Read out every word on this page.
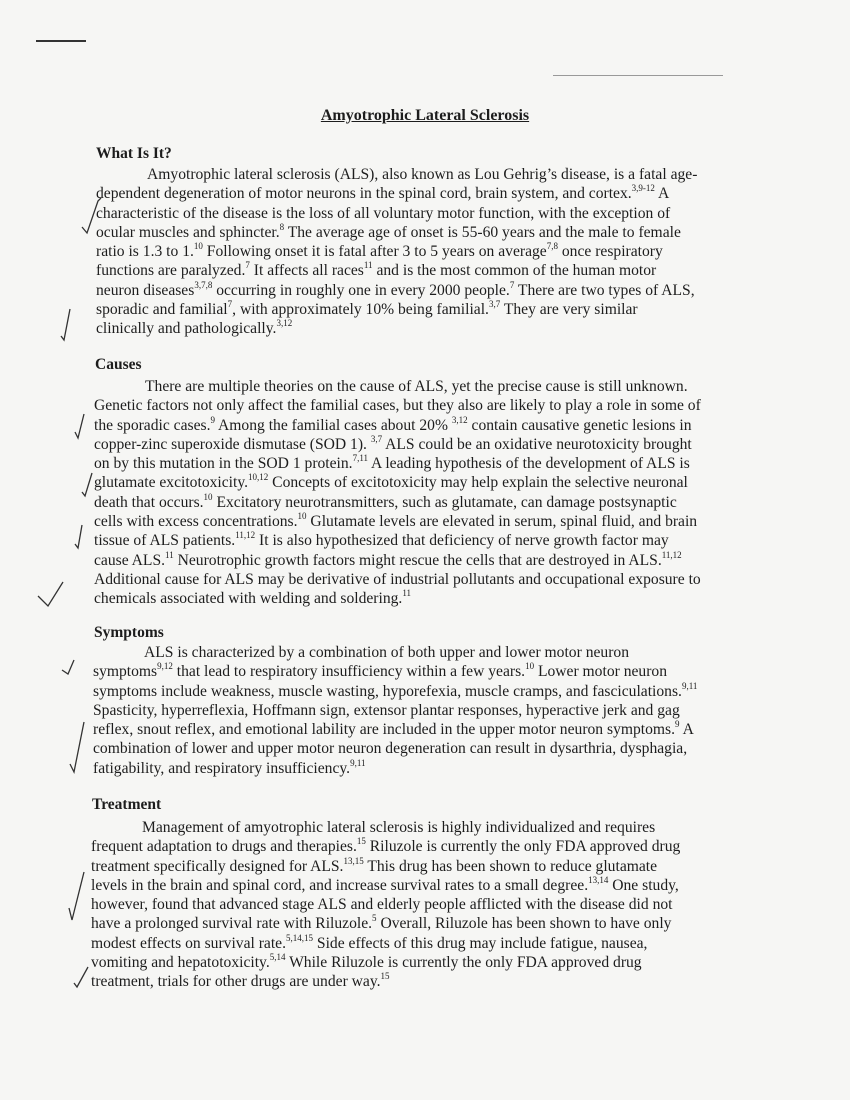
Amyotrophic Lateral Sclerosis
What Is It?
Amyotrophic lateral sclerosis (ALS), also known as Lou Gehrig’s disease, is a fatal age-
dependent degeneration of motor neurons in the spinal cord, brain system, and cortex.$^{3,9-12}$ A
characteristic of the disease is the loss of all voluntary motor function, with the exception of
ocular muscles and sphincter.$^8$ The average age of onset is 55-60 years and the male to female
ratio is 1.3 to 1.10 Following onset it is fatal after 3 to 5 years on average$^{7,8}$ once respiratory
functions are paralyzed.$^7$ It affects all races$^{11}$ and is the most common of the human motor
neuron diseases$^{3,7,8}$ occurring in roughly one in every 2000 people.$^7$ There are two types of ALS,
sporadic and familial$^7$, with approximately 10% being familial.$^{3,7}$ They are very similar
clinically and pathologically.$^{3,12}$
Causes
There are multiple theories on the cause of ALS, yet the precise cause is still unknown.
Genetic factors not only affect the familial cases, but they also are likely to play a role in some of
the sporadic cases.$^9$ Among the familial cases about 20% $^{3,12}$ contain causative genetic lesions in
copper-zinc superoxide dismutase (SOD 1). $^{3,7}$ ALS could be an oxidative neurotoxicity brought
on by this mutation in the SOD 1 protein.$^{7,11}$ A leading hypothesis of the development of ALS is
glutamate excitotoxicity.$^{10,12}$ Concepts of excitotoxicity may help explain the selective neuronal
death that occurs.$^{10}$ Excitatory neurotransmitters, such as glutamate, can damage postsynaptic
cells with excess concentrations.$^{10}$ Glutamate levels are elevated in serum, spinal fluid, and brain
tissue of ALS patients.$^{11,12}$ It is also hypothesized that deficiency of nerve growth factor may
cause ALS.$^{11}$ Neurotrophic growth factors might rescue the cells that are destroyed in ALS.$^{11,12}$
Additional cause for ALS may be derivative of industrial pollutants and occupational exposure to
chemicals associated with welding and soldering.$^{11}$
Symptoms
ALS is characterized by a combination of both upper and lower motor neuron
symptoms$^{9,12}$ that lead to respiratory insufficiency within a few years.$^{10}$ Lower motor neuron
symptoms include weakness, muscle wasting, hyporefexia, muscle cramps, and fasciculations.$^{9,11}$
Spasticity, hyperreflexia, Hoffmann sign, extensor plantar responses, hyperactive jerk and gag
reflex, snout reflex, and emotional lability are included in the upper motor neuron symptoms.$^9$ A
combination of lower and upper motor neuron degeneration can result in dysarthria, dysphagia,
fatigability, and respiratory insufficiency.$^{9,11}$
Treatment
Management of amyotrophic lateral sclerosis is highly individualized and requires
frequent adaptation to drugs and therapies.$^{15}$ Riluzole is currently the only FDA approved drug
treatment specifically designed for ALS.$^{13,15}$ This drug has been shown to reduce glutamate
levels in the brain and spinal cord, and increase survival rates to a small degree.$^{13,14}$ One study,
however, found that advanced stage ALS and elderly people afflicted with the disease did not
have a prolonged survival rate with Riluzole.$^5$ Overall, Riluzole has been shown to have only
modest effects on survival rate.$^{5,14,15}$ Side effects of this drug may include fatigue, nausea,
vomiting and hepatotoxicity.$^{5,14}$ While Riluzole is currently the only FDA approved drug
treatment, trials for other drugs are under way.$^{15}$
